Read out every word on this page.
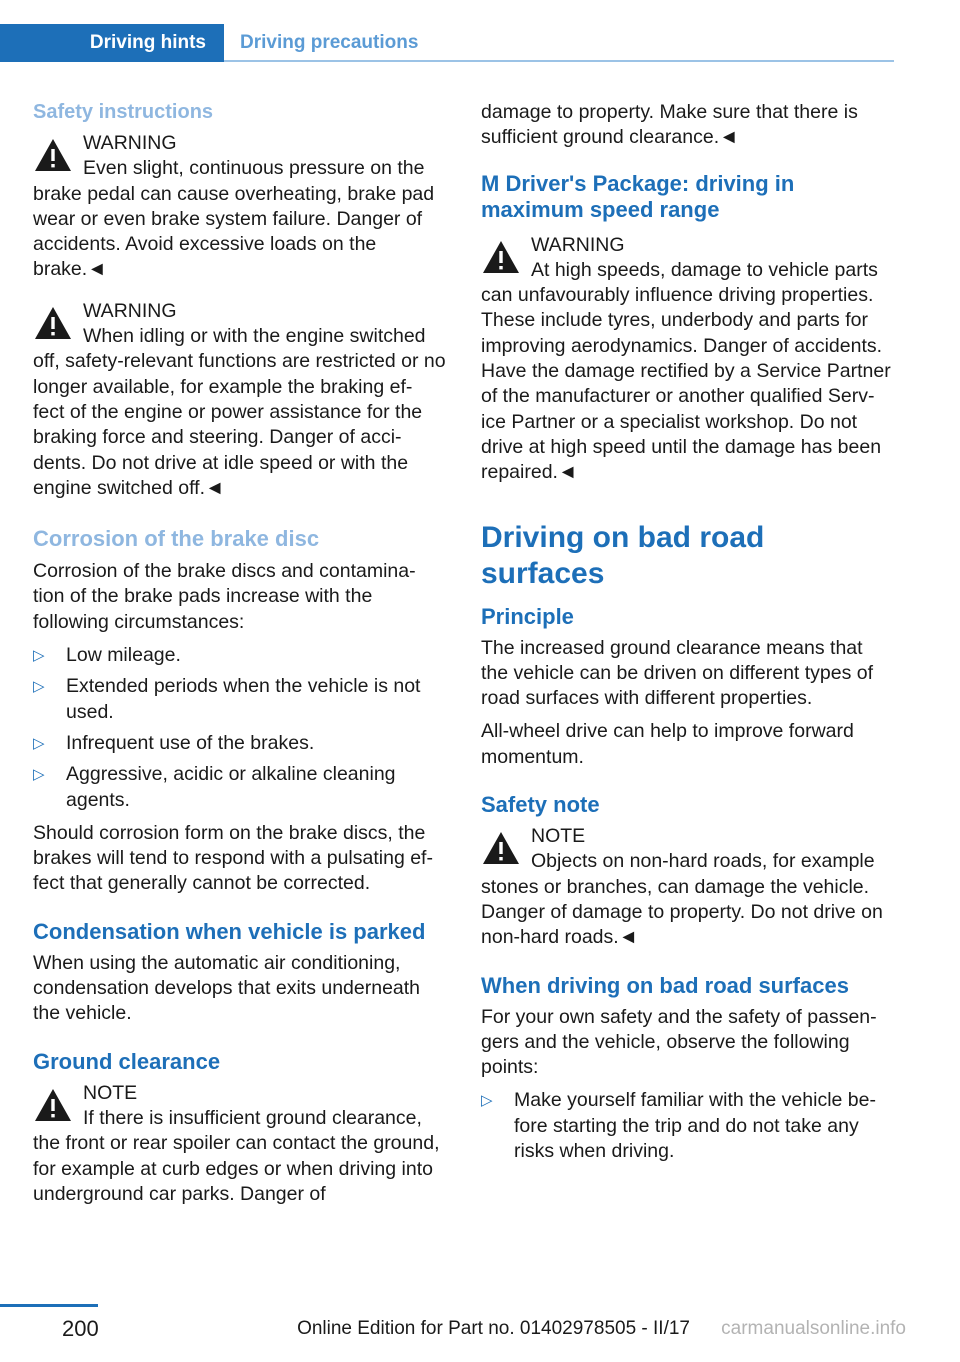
Driving hints	Driving precautions
Safety instructions
WARNING
Even slight, continuous pressure on the
brake pedal can cause overheating, brake pad wear or even brake system failure. Danger of accidents. Avoid excessive loads on the brake.◄
WARNING
When idling or with the engine switched
off, safety-relevant functions are restricted or no longer available, for example the braking ef- fect of the engine or power assistance for the braking force and steering. Danger of acci- dents. Do not drive at idle speed or with the engine switched off.◄
Corrosion of the brake disc

Corrosion of the brake discs and contamina- tion of the brake pads increase with the following circumstances:

▷ Low mileage.
▷ Extended periods when the vehicle is not used.
▷ Infrequent use of the brakes.
▷ Aggressive, acidic or alkaline cleaning agents.

Should corrosion form on the brake discs, the brakes will tend to respond with a pulsating ef- fect that generally cannot be corrected.

Condensation when vehicle is parked

When using the automatic air conditioning, condensation develops that exits underneath the vehicle.

Ground clearance
NOTE
If there is insufficient ground clearance,
the front or rear spoiler can contact the ground, for example at curb edges or when driving into underground car parks. Danger of

damage to property. Make sure that there is sufficient ground clearance.◄

M Driver's Package: driving in maximum speed range
WARNING
At high speeds, damage to vehicle parts
can unfavourably influence driving properties. These include tyres, underbody and parts for improving aerodynamics. Danger of accidents. Have the damage rectified by a Service Partner of the manufacturer or another qualified Serv- ice Partner or a specialist workshop. Do not drive at high speed until the damage has been repaired.◄
Driving on bad road surfaces
Principle

The increased ground clearance means that the vehicle can be driven on different types of road surfaces with different properties.

All-wheel drive can help to improve forward momentum.

Safety note
NOTE
Objects on non-hard roads, for example
stones or branches, can damage the vehicle. Danger of damage to property. Do not drive on non-hard roads.◄
When driving on bad road surfaces

For your own safety and the safety of passen- gers and the vehicle, observe the following points:

▷ Make yourself familiar with the vehicle be- fore starting the trip and do not take any risks when driving.
200	Online Edition for Part no. 01402978505 - II/17 carmanualsonline.info
